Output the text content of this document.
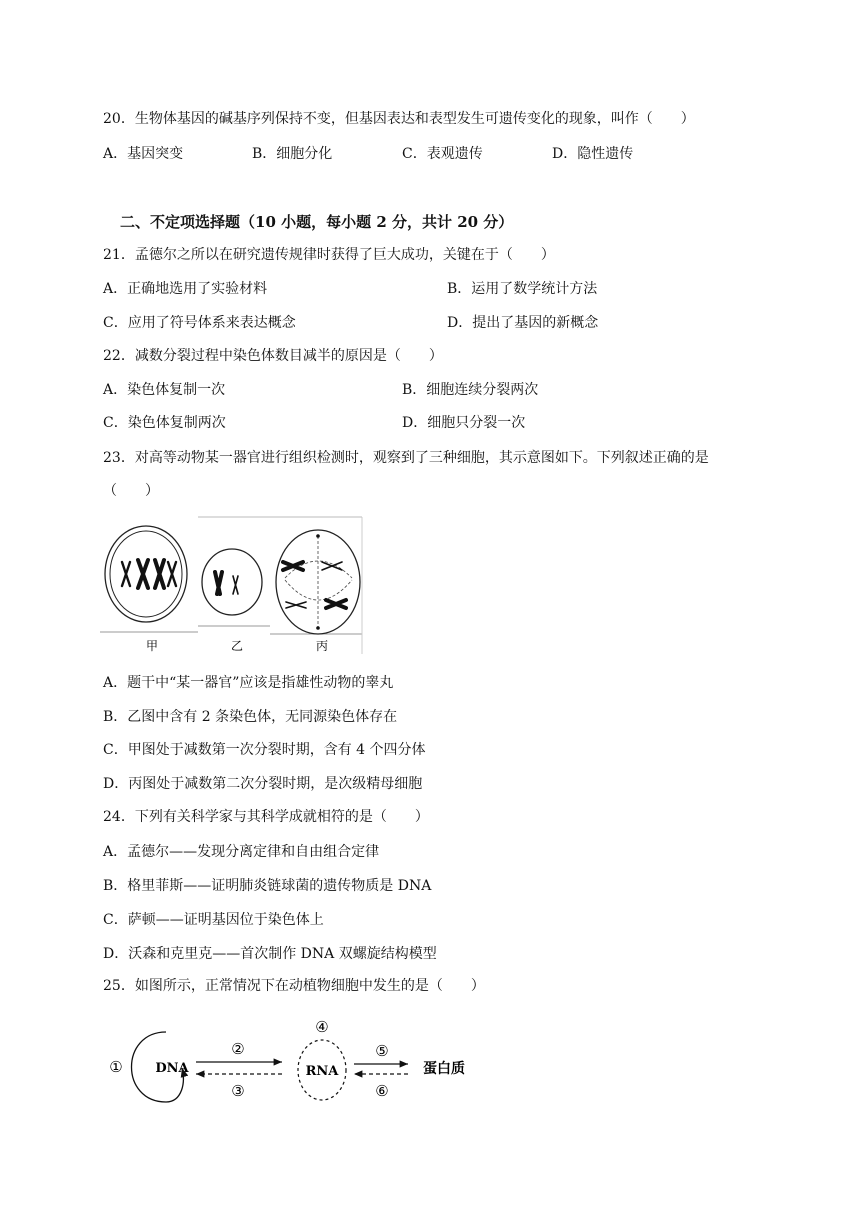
20．生物体基因的碱基序列保持不变，但基因表达和表型发生可遗传变化的现象，叫作（　　）
A．基因突变	B．细胞分化	C．表观遗传	D．隐性遗传
二、不定项选择题（10 小题，每小题 2 分，共计 20 分）
21．孟德尔之所以在研究遗传规律时获得了巨大成功，关键在于（　　）
A．正确地选用了实验材料	B．运用了数学统计方法
C．应用了符号体系来表达概念	D．提出了基因的新概念
22．减数分裂过程中染色体数目减半的原因是（　　）
A．染色体复制一次	B．细胞连续分裂两次
C．染色体复制两次	D．细胞只分裂一次
23．对高等动物某一器官进行组织检测时，观察到了三种细胞，其示意图如下。下列叙述正确的是
（　　）
甲	乙	丙
A．题干中“某一器官”应该是指雄性动物的睾丸
B．乙图中含有 2 条染色体，无同源染色体存在
C．甲图处于减数第一次分裂时期，含有 4 个四分体
D．丙图处于减数第二次分裂时期，是次级精母细胞
24．下列有关科学家与其科学成就相符的是（　　）
A．孟德尔——发现分离定律和自由组合定律
B．格里菲斯——证明肺炎链球菌的遗传物质是 DNA
C．萨顿——证明基因位于染色体上
D．沃森和克里克——首次制作 DNA 双螺旋结构模型
25．如图所示，正常情况下在动植物细胞中发生的是（　　）
①	DNA
②
③
④
RNA
⑤
⑥
蛋白质
